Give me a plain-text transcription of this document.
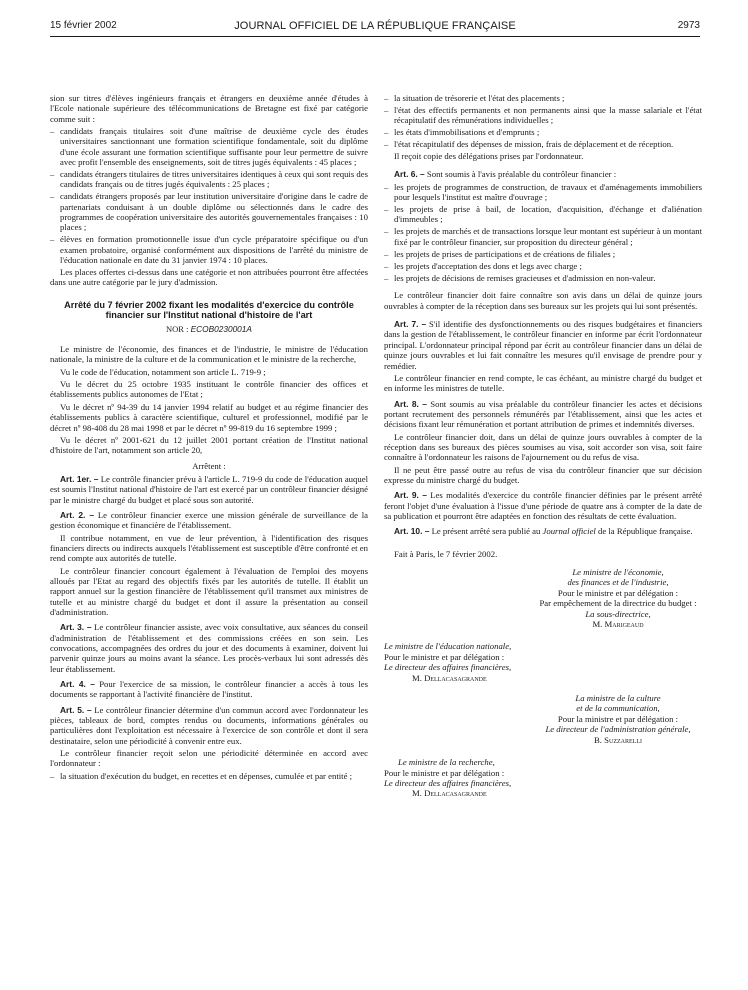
15 février 2002	JOURNAL OFFICIEL DE LA RÉPUBLIQUE FRANÇAISE	2973

sion sur titres d'élèves ingénieurs français et étrangers en deuxième année d'études à l'Ecole nationale supérieure des télécommunications de Bretagne est fixé par catégorie comme suit :

– candidats français titulaires soit d'une maîtrise de deuxième cycle des études universitaires sanctionnant une formation scientifique fondamentale, soit du diplôme d'une école assurant une formation scientifique suffisante pour leur permettre de suivre avec profit l'ensemble des enseignements, soit de titres jugés équivalents : 45 places ;
– candidats étrangers titulaires de titres universitaires identiques à ceux qui sont requis des candidats français ou de titres jugés équivalents : 25 places ;
– candidats étrangers proposés par leur institution universitaire d'origine dans le cadre de partenariats conduisant à un double diplôme ou sélectionnés dans le cadre des programmes de coopération universitaire des autorités gouvernementales françaises : 10 places ;
– élèves en formation promotionnelle issue d'un cycle préparatoire spécifique ou d'un examen probatoire, organisé conformément aux dispositions de l'arrêté du ministre de l'éducation nationale en date du 31 janvier 1974 : 10 places.

Les places offertes ci-dessus dans une catégorie et non attribuées pourront être affectées dans une autre catégorie par le jury d'admission.

Arrêté du 7 février 2002 fixant les modalités d'exercice du contrôle financier sur l'Institut national d'histoire de l'art
NOR : ECOB0230001A

Le ministre de l'économie, des finances et de l'industrie, le ministre de l'éducation nationale, la ministre de la culture et de la communication et le ministre de la recherche,

Vu le code de l'éducation, notamment son article L. 719-9 ;

Vu le décret du 25 octobre 1935 instituant le contrôle financier des offices et établissements publics autonomes de l'Etat ;

Vu le décret nº 94-39 du 14 janvier 1994 relatif au budget et au régime financier des établissements publics à caractère scientifique, culturel et professionnel, modifié par le décret nº 98-408 du 28 mai 1998 et par le décret nº 99-819 du 16 septembre 1999 ;

Vu le décret nº 2001-621 du 12 juillet 2001 portant création de l'Institut national d'histoire de l'art, notamment son article 20,

Arrêtent :

Art. 1er. – Le contrôle financier prévu à l'article L. 719-9 du code de l'éducation auquel est soumis l'Institut national d'histoire de l'art est exercé par un contrôleur financier désigné par le ministre chargé du budget et placé sous son autorité.

Art. 2. – Le contrôleur financier exerce une mission générale de surveillance de la gestion économique et financière de l'établissement.

Il contribue notamment, en vue de leur prévention, à l'identification des risques financiers directs ou indirects auxquels l'établissement est susceptible d'être confronté et en rend compte aux autorités de tutelle.

Le contrôleur financier concourt également à l'évaluation de l'emploi des moyens alloués par l'Etat au regard des objectifs fixés par les autorités de tutelle. Il établit un rapport annuel sur la gestion financière de l'établissement qu'il transmet aux ministres de tutelle et au ministre chargé du budget et dont il assure la présentation au conseil d'administration.

Art. 3. – Le contrôleur financier assiste, avec voix consultative, aux séances du conseil d'administration de l'établissement et des commissions créées en son sein. Les convocations, accompagnées des ordres du jour et des documents à examiner, doivent lui parvenir quinze jours au moins avant la séance. Les procès-verbaux lui sont adressés dès leur établissement.

Art. 4. – Pour l'exercice de sa mission, le contrôleur financier a accès à tous les documents se rapportant à l'activité financière de l'institut.

Art. 5. – Le contrôleur financier détermine d'un commun accord avec l'ordonnateur les pièces, tableaux de bord, comptes rendus ou documents, informations générales ou particulières dont l'exploitation est nécessaire à l'exercice de son contrôle et dont il sera destinataire, selon une périodicité à convenir entre eux.

Le contrôleur financier reçoit selon une périodicité déterminée en accord avec l'ordonnateur :

– la situation d'exécution du budget, en recettes et en dépenses, cumulée et par entité ;
– la situation de trésorerie et l'état des placements ;
– l'état des effectifs permanents et non permanents ainsi que la masse salariale et l'état récapitulatif des rémunérations individuelles ;
– les états d'immobilisations et d'emprunts ;
– l'état récapitulatif des dépenses de mission, frais de déplacement et de réception.

Il reçoit copie des délégations prises par l'ordonnateur.

Art. 6. – Sont soumis à l'avis préalable du contrôleur financier :

– les projets de programmes de construction, de travaux et d'aménagements immobiliers pour lesquels l'institut est maître d'ouvrage ;
– les projets de prise à bail, de location, d'acquisition, d'échange et d'aliénation d'immeubles ;
– les projets de marchés et de transactions lorsque leur montant est supérieur à un montant fixé par le contrôleur financier, sur proposition du directeur général ;
– les projets de prises de participations et de créations de filiales ;
– les projets d'acceptation des dons et legs avec charge ;
– les projets de décisions de remises gracieuses et d'admission en non-valeur.

Le contrôleur financier doit faire connaître son avis dans un délai de quinze jours ouvrables à compter de la réception dans ses bureaux sur les projets qui lui sont présentés.

Art. 7. – S'il identifie des dysfonctionnements ou des risques budgétaires et financiers dans la gestion de l'établissement, le contrôleur financier en informe par écrit l'ordonnateur principal. L'ordonnateur principal répond par écrit au contrôleur financier dans un délai de quinze jours ouvrables et lui fait connaître les mesures qu'il envisage de prendre pour y remédier.

Le contrôleur financier en rend compte, le cas échéant, au ministre chargé du budget et en informe les ministres de tutelle.

Art. 8. – Sont soumis au visa préalable du contrôleur financier les actes et décisions portant recrutement des personnels rémunérés par l'établissement, ainsi que les actes et décisions fixant leur rémunération et portant attribution de primes et indemnités diverses.

Le contrôleur financier doit, dans un délai de quinze jours ouvrables à compter de la réception dans ses bureaux des pièces soumises au visa, soit accorder son visa, soit faire connaître à l'ordonnateur les raisons de l'ajournement ou du refus de visa.

Il ne peut être passé outre au refus de visa du contrôleur financier que sur décision expresse du ministre chargé du budget.

Art. 9. – Les modalités d'exercice du contrôle financier définies par le présent arrêté feront l'objet d'une évaluation à l'issue d'une période de quatre ans à compter de la date de sa publication et pourront être adaptées en fonction des résultats de cette évaluation.

Art. 10. – Le présent arrêté sera publié au Journal officiel de la République française.

Fait à Paris, le 7 février 2002.

Le ministre de l'économie,
des finances et de l'industrie,
Pour le ministre et par délégation :
Par empêchement de la directrice du budget :
La sous-directrice,
M. Marigeaud
Le ministre de l'éducation nationale,
Pour le ministre et par délégation :
Le directeur des affaires financières,
M. Dellacasagrande
La ministre de la culture
et de la communication,
Pour la ministre et par délégation :
Le directeur de l'administration générale,
B. Suzzarelli
Le ministre de la recherche,
Pour le ministre et par délégation :
Le directeur des affaires financières,
M. Dellacasagrande
